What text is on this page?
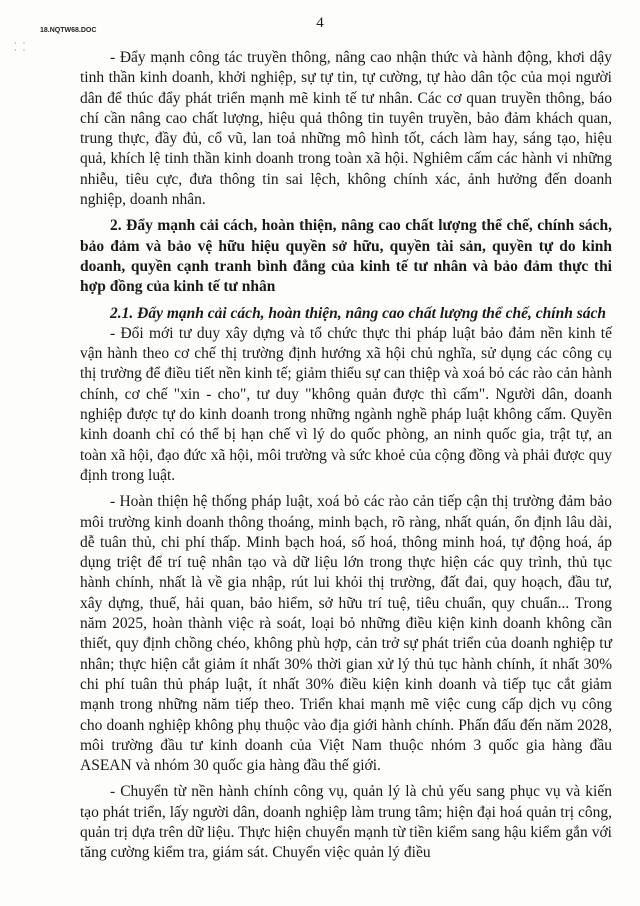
18.NQTW68.DOC	4
· ·
· ·	- Đẩy mạnh công tác truyền thông, nâng cao nhận thức và hành động, khơi dậy tinh thần kinh doanh, khởi nghiệp, sự tự tin, tự cường, tự hào dân tộc của mọi người dân để thúc đẩy phát triển mạnh mẽ kinh tế tư nhân. Các cơ quan truyền thông, báo chí cần nâng cao chất lượng, hiệu quả thông tin tuyên truyền, bảo đảm khách quan, trung thực, đầy đủ, cổ vũ, lan toả những mô hình tốt, cách làm hay, sáng tạo, hiệu quả, khích lệ tinh thần kinh doanh trong toàn xã hội. Nghiêm cấm các hành vi những nhiễu, tiêu cực, đưa thông tin sai lệch, không chính xác, ảnh hưởng đến doanh nghiệp, doanh nhân.

2. Đẩy mạnh cải cách, hoàn thiện, nâng cao chất lượng thể chế, chính sách, bảo đảm và bảo vệ hữu hiệu quyền sở hữu, quyền tài sản, quyền tự do kinh doanh, quyền cạnh tranh bình đẳng của kinh tế tư nhân và bảo đảm thực thi hợp đồng của kinh tế tư nhân

2.1. Đẩy mạnh cải cách, hoàn thiện, nâng cao chất lượng thể chế, chính sách

- Đổi mới tư duy xây dựng và tổ chức thực thi pháp luật bảo đảm nền kinh tế vận hành theo cơ chế thị trường định hướng xã hội chủ nghĩa, sử dụng các công cụ thị trường để điều tiết nền kinh tế; giảm thiểu sự can thiệp và xoá bỏ các rào cản hành chính, cơ chế "xin - cho", tư duy "không quản được thì cấm". Người dân, doanh nghiệp được tự do kinh doanh trong những ngành nghề pháp luật không cấm. Quyền kinh doanh chỉ có thể bị hạn chế vì lý do quốc phòng, an ninh quốc gia, trật tự, an toàn xã hội, đạo đức xã hội, môi trường và sức khoẻ của cộng đồng và phải được quy định trong luật.

- Hoàn thiện hệ thống pháp luật, xoá bỏ các rào cản tiếp cận thị trường đảm bảo môi trường kinh doanh thông thoáng, minh bạch, rõ ràng, nhất quán, ổn định lâu dài, dễ tuân thủ, chi phí thấp. Minh bạch hoá, số hoá, thông minh hoá, tự động hoá, áp dụng triệt để trí tuệ nhân tạo và dữ liệu lớn trong thực hiện các quy trình, thủ tục hành chính, nhất là về gia nhập, rút lui khỏi thị trường, đất đai, quy hoạch, đầu tư, xây dựng, thuế, hải quan, bảo hiểm, sở hữu trí tuệ, tiêu chuẩn, quy chuẩn... Trong năm 2025, hoàn thành việc rà soát, loại bỏ những điều kiện kinh doanh không cần thiết, quy định chồng chéo, không phù hợp, cản trở sự phát triển của doanh nghiệp tư nhân; thực hiện cắt giảm ít nhất 30% thời gian xử lý thủ tục hành chính, ít nhất 30% chi phí tuân thủ pháp luật, ít nhất 30% điều kiện kinh doanh và tiếp tục cắt giảm mạnh trong những năm tiếp theo. Triển khai mạnh mẽ việc cung cấp dịch vụ công cho doanh nghiệp không phụ thuộc vào địa giới hành chính. Phấn đấu đến năm 2028, môi trường đầu tư kinh doanh của Việt Nam thuộc nhóm 3 quốc gia hàng đầu ASEAN và nhóm 30 quốc gia hàng đầu thế giới.

- Chuyển từ nền hành chính công vụ, quản lý là chủ yếu sang phục vụ và kiến tạo phát triển, lấy người dân, doanh nghiệp làm trung tâm; hiện đại hoá quản trị công, quản trị dựa trên dữ liệu. Thực hiện chuyển mạnh từ tiền kiểm sang hậu kiểm gắn với tăng cường kiểm tra, giám sát. Chuyển việc quản lý điều
